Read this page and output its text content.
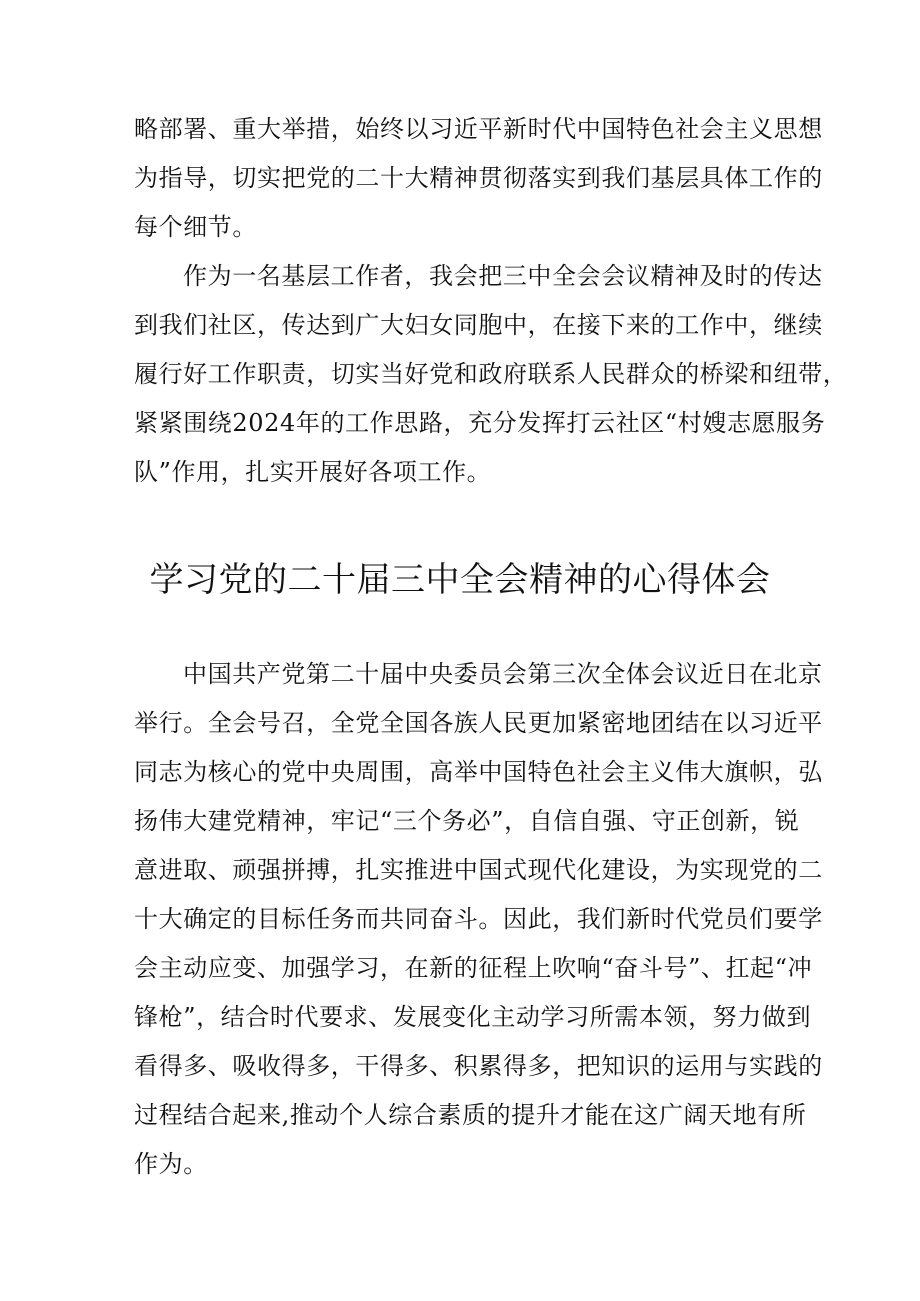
略部署、重大举措，始终以习近平新时代中国特色社会主义思想
为指导，切实把党的二十大精神贯彻落实到我们基层具体工作的
每个细节。
作为一名基层工作者，我会把三中全会会议精神及时的传达
到我们社区，传达到广大妇女同胞中，在接下来的工作中，继续
履行好工作职责，切实当好党和政府联系人民群众的桥梁和纽带，
紧紧围绕2024年的工作思路，充分发挥打云社区“村嫂志愿服务
队”作用，扎实开展好各项工作。
学习党的二十届三中全会精神的心得体会
中国共产党第二十届中央委员会第三次全体会议近日在北京
举行。全会号召，全党全国各族人民更加紧密地团结在以习近平
同志为核心的党中央周围，高举中国特色社会主义伟大旗帜，弘
扬伟大建党精神，牢记“三个务必”，自信自强、守正创新，锐
意进取、顽强拼搏，扎实推进中国式现代化建设，为实现党的二
十大确定的目标任务而共同奋斗。因此，我们新时代党员们要学
会主动应变、加强学习，在新的征程上吹响“奋斗号”、扛起“冲
锋枪”，结合时代要求、发展变化主动学习所需本领，努力做到
看得多、吸收得多，干得多、积累得多，把知识的运用与实践的
过程结合起来,推动个人综合素质的提升才能在这广阔天地有所
作为。
